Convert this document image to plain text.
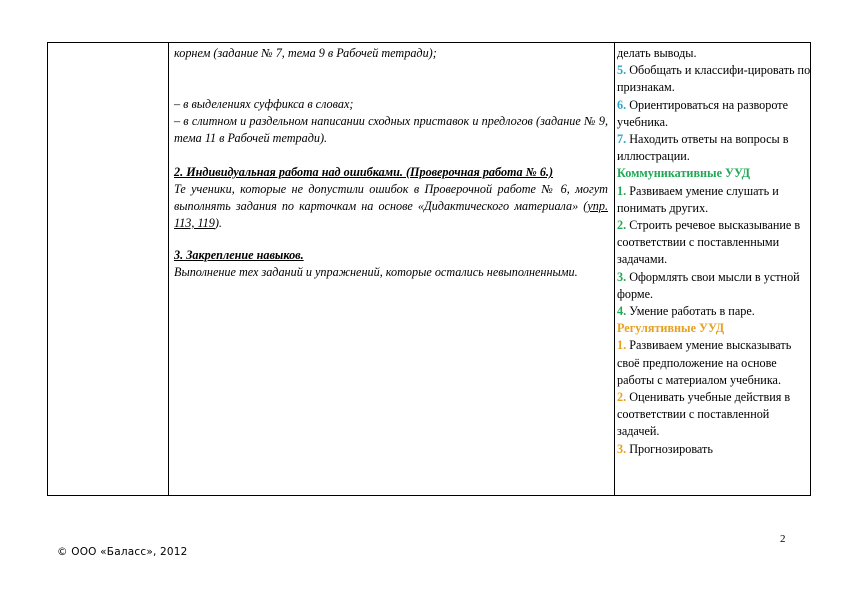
корнем (задание № 7, тема 9 в Рабочей тетради);

– в выделениях суффикса в словах;

– в слитном и раздельном написании сходных приставок и предлогов (задание № 9, тема 11 в Рабочей тетради).

2. Индивидуальная работа над ошибками. (Проверочная работа № 6.)

Те ученики, которые не допустили ошибок в Проверочной работе № 6, могут выполнять задания по карточкам на основе «Дидактического материала» (упр. 113, 119).

3. Закрепление навыков.

Выполнение тех заданий и упражнений, которые остались невыполненными.

делать выводы.

5. Обобщать и классифи-цировать по признакам.

6. Ориентироваться на развороте учебника.

7. Находить ответы на вопросы в иллюстрации.

Коммуникативные УУД

1. Развиваем умение слушать и понимать других.

2. Строить речевое высказывание в соответствии с поставленными задачами.

3. Оформлять свои мысли в устной форме.

4. Умение работать в паре.

Регулятивные УУД

1. Развиваем умение высказывать своё предположение на основе работы с материалом учебника.

2. Оценивать учебные действия в соответствии с поставленной задачей.

3. Прогнозировать

2
© ООО «Баласс», 2012
